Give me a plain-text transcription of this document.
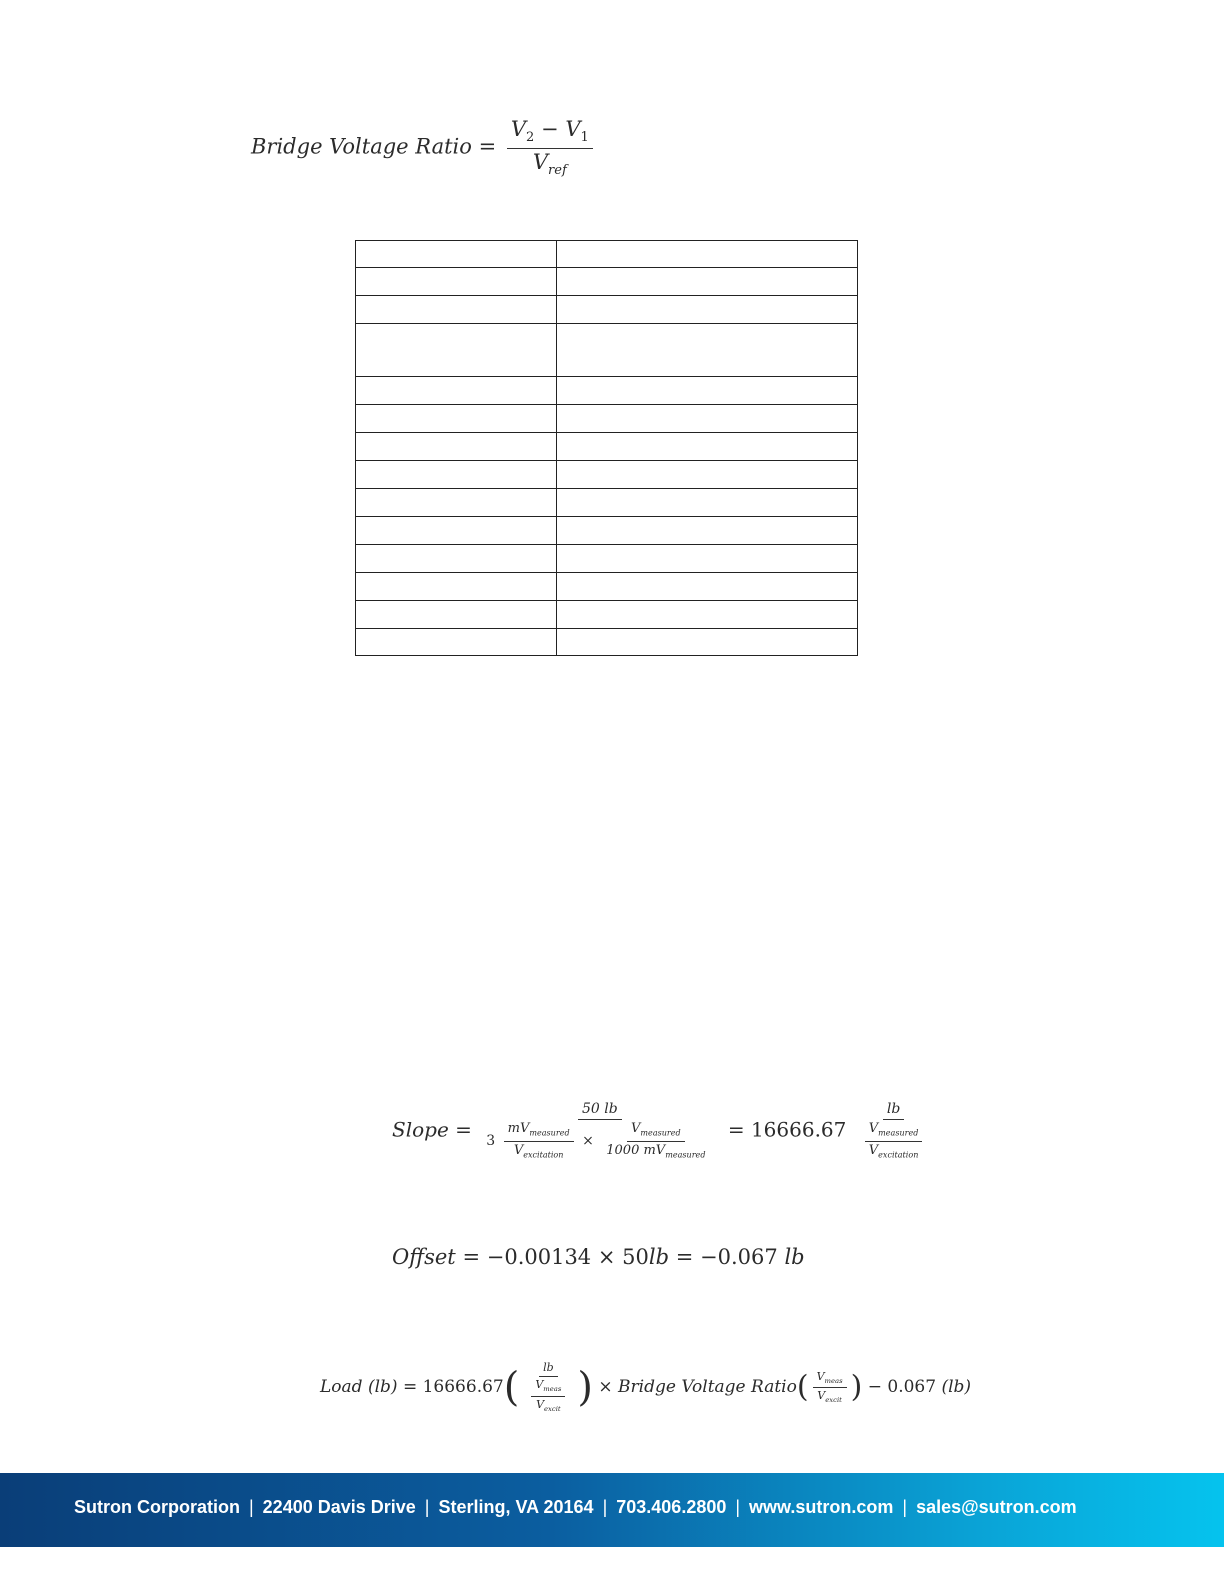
Bridge Voltage Ratio = $\frac{V_2 - V_1}{V_{ref}}$

Slope =
50 lb
$3 \frac{mV_{measured}}{V_{excitation}} \times \frac{V_{measured}}{1000 mV_{measured}} = 16666.67 \frac{lb}{\frac{V_{measured}}{V_{excitation}}}$
Offset = −0.00134 × 50lb = −0.067 lb
Load $(lb) = 16666.67( \frac{lb}{\frac{V_{meas}}{V_{excit}}}$ ) × Bridge Voltage Ratio( $\frac{V_{meas}}{V_{excit}}$ ) − 0.067 (lb)
Sutron Corporation | 22400 Davis Drive | Sterling, VA 20164 | 703.406.2800 | www.sutron.com | sales@sutron.com
